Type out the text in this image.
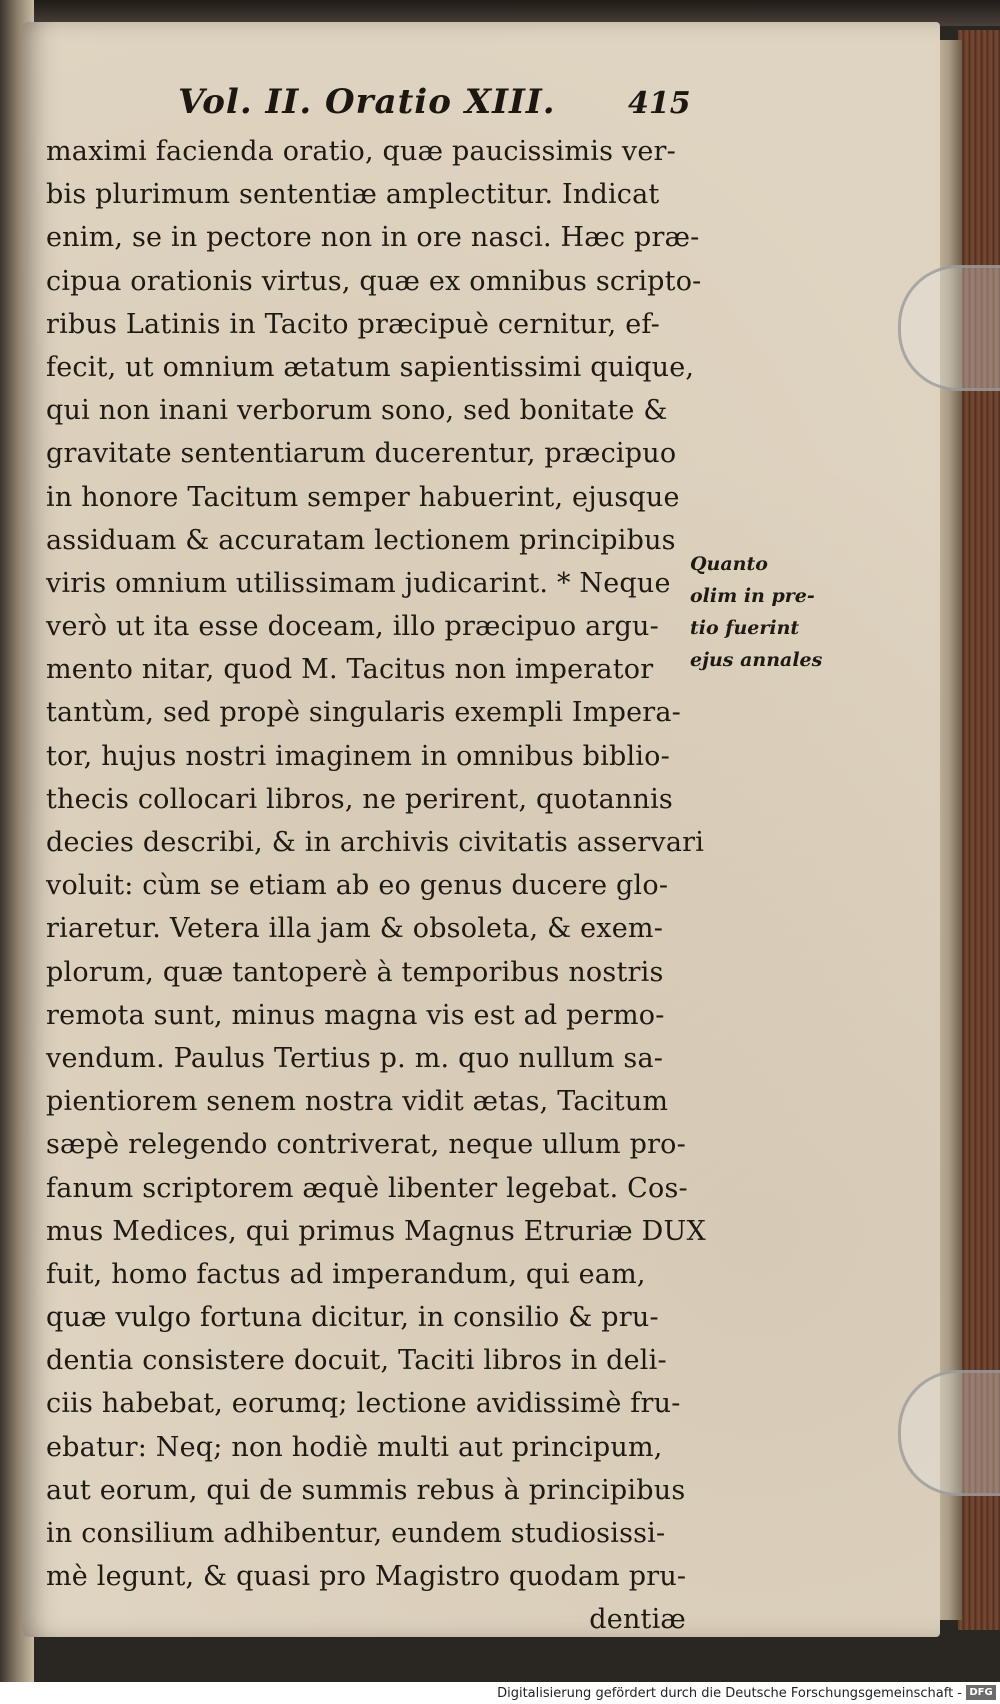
Vol. II. Oratio XIII.	415
maximi facienda oratio, quæ paucissimis ver-
bis plurimum sententiæ amplectitur. Indicat
enim, se in pectore non in ore nasci. Hæc præ-
cipua orationis virtus, quæ ex omnibus scripto-
ribus Latinis in Tacito præcipuè cernitur, ef-
fecit, ut omnium ætatum sapientissimi quique,
qui non inani verborum sono, sed bonitate &
gravitate sententiarum ducerentur, præcipuo
in honore Tacitum semper habuerint, ejusque
assiduam & accuratam lectionem principibus
viris omnium utilissimam judicarint. * Neque
verò ut ita esse doceam, illo præcipuo argu-
mento nitar, quod M. Tacitus non imperator
tantùm, sed propè singularis exempli Impera-
tor, hujus nostri imaginem in omnibus biblio-
thecis collocari libros, ne perirent, quotannis
decies describi, & in archivis civitatis asservari
voluit: cùm se etiam ab eo genus ducere glo-
riaretur. Vetera illa jam & obsoleta, & exem-
plorum, quæ tantoperè à temporibus nostris
remota sunt, minus magna vis est ad permo-
vendum. Paulus Tertius p. m. quo nullum sa-
pientiorem senem nostra vidit ætas, Tacitum
sæpè relegendo contriverat, neque ullum pro-
fanum scriptorem æquè libenter legebat. Cos-
mus Medices, qui primus Magnus Etruriæ DUX
fuit, homo factus ad imperandum, qui eam,
quæ vulgo fortuna dicitur, in consilio & pru-
dentia consistere docuit, Taciti libros in deli-
ciis habebat, eorumq; lectione avidissimè fru-
ebatur: Neq; non hodiè multi aut principum,
aut eorum, qui de summis rebus à principibus
in consilium adhibentur, eundem studiosissi-
mè legunt, & quasi pro Magistro quodam pru-
dentiæ
Quanto
olim in pre-
tio fuerint
ejus annales
Digitalisierung gefördert durch die Deutsche Forschungsgemeinschaft - DFG
